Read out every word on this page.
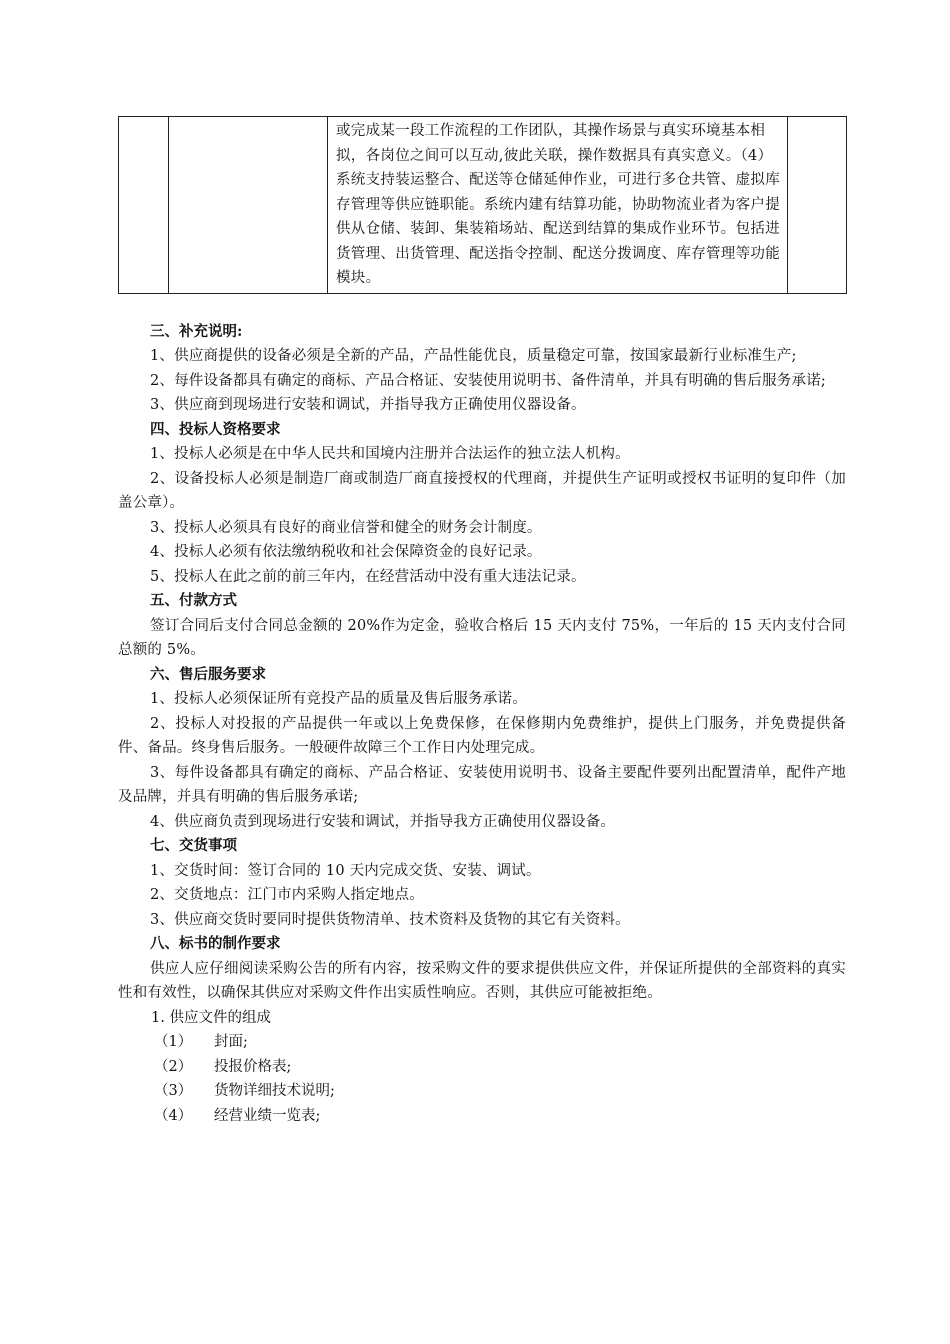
或完成某一段工作流程的工作团队，其操作场景与真实环境基本相拟，各岗位之间可以互动,彼此关联，操作数据具有真实意义。（4）系统支持装运整合、配送等仓储延伸作业，可进行多仓共管、虚拟库存管理等供应链职能。系统内建有结算功能，协助物流业者为客户提供从仓储、装卸、集装箱场站、配送到结算的集成作业环节。包括进货管理、出货管理、配送指令控制、配送分拨调度、库存管理等功能模块。

三、补充说明:

1、供应商提供的设备必须是全新的产品，产品性能优良，质量稳定可靠，按国家最新行业标准生产;

2、每件设备都具有确定的商标、产品合格证、安装使用说明书、备件清单，并具有明确的售后服务承诺;

3、供应商到现场进行安装和调试，并指导我方正确使用仪器设备。

四、投标人资格要求

1、投标人必须是在中华人民共和国境内注册并合法运作的独立法人机构。

2、设备投标人必须是制造厂商或制造厂商直接授权的代理商，并提供生产证明或授权书证明的复印件（加盖公章）。

3、投标人必须具有良好的商业信誉和健全的财务会计制度。

4、投标人必须有依法缴纳税收和社会保障资金的良好记录。

5、投标人在此之前的前三年内，在经营活动中没有重大违法记录。

五、付款方式

签订合同后支付合同总金额的 20%作为定金，验收合格后 15 天内支付 75%，一年后的 15 天内支付合同总额的 5%。

六、售后服务要求

1、投标人必须保证所有竞投产品的质量及售后服务承诺。

2、投标人对投报的产品提供一年或以上免费保修，在保修期内免费维护，提供上门服务，并免费提供备件、备品。终身售后服务。一般硬件故障三个工作日内处理完成。

3、每件设备都具有确定的商标、产品合格证、安装使用说明书、设备主要配件要列出配置清单，配件产地及品牌，并具有明确的售后服务承诺;

4、供应商负责到现场进行安装和调试，并指导我方正确使用仪器设备。

七、交货事项

1、交货时间：签订合同的 10 天内完成交货、安装、调试。

2、交货地点：江门市内采购人指定地点。

3、供应商交货时要同时提供货物清单、技术资料及货物的其它有关资料。

八、标书的制作要求

供应人应仔细阅读采购公告的所有内容，按采购文件的要求提供供应文件，并保证所提供的全部资料的真实性和有效性，以确保其供应对采购文件作出实质性响应。否则，其供应可能被拒绝。

1. 供应文件的组成

（1）	封面;
（2）	投报价格表;
（3）	货物详细技术说明;
（4）	经营业绩一览表;
